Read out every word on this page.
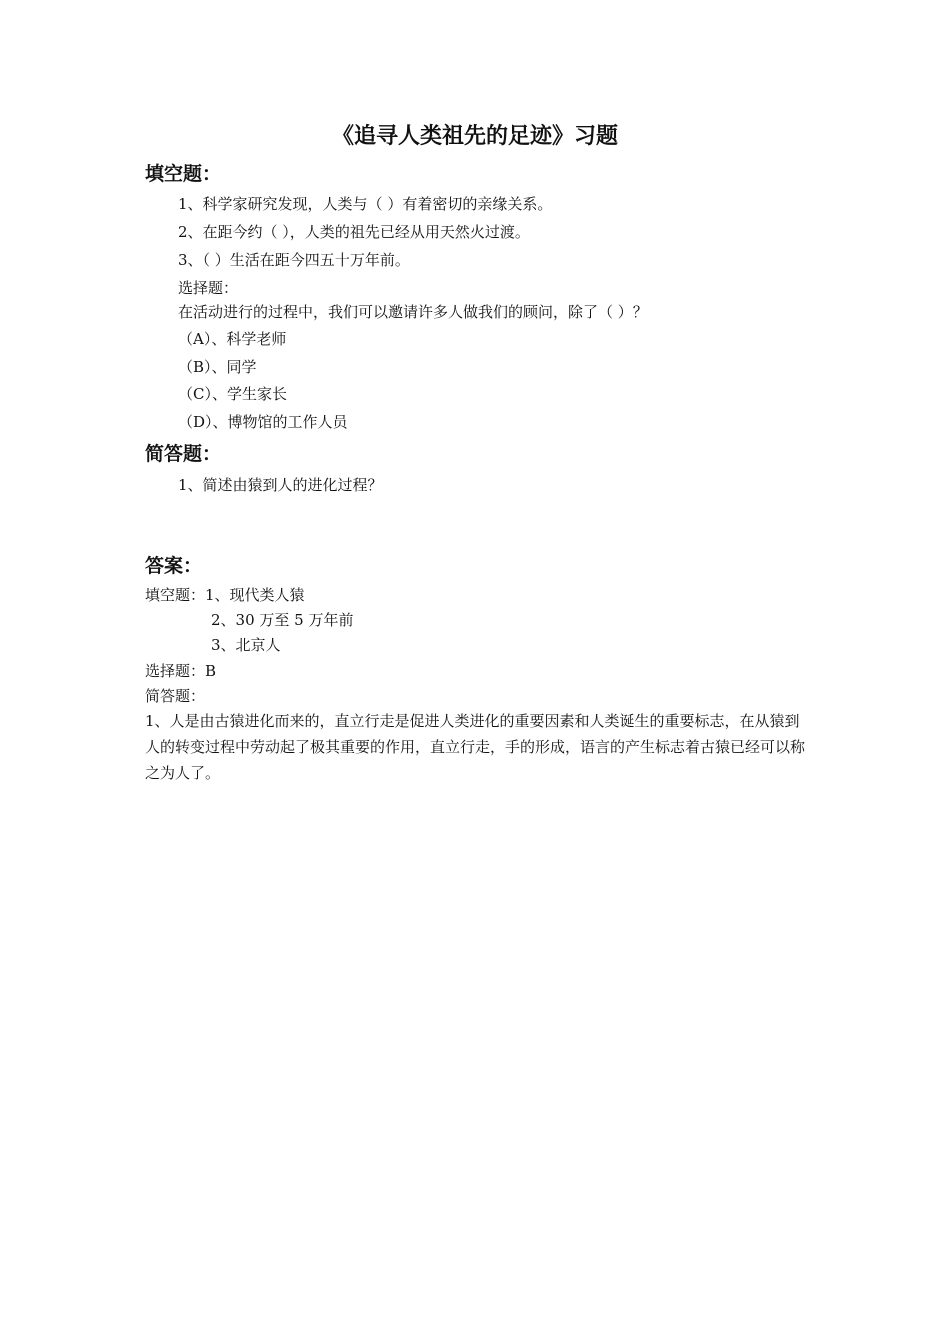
《追寻人类祖先的足迹》习题
填空题：
1、科学家研究发现，人类与（ ）有着密切的亲缘关系。
2、在距今约（ ），人类的祖先已经从用天然火过渡。
3、（ ）生活在距今四五十万年前。
选择题：
在活动进行的过程中，我们可以邀请许多人做我们的顾问，除了（ ）？
（A）、科学老师
（B）、同学
（C）、学生家长
（D）、博物馆的工作人员
简答题：
1、简述由猿到人的进化过程？
答案：
填空题：1、现代类人猿
2、30 万至 5 万年前
3、北京人
选择题：B
简答题：
1、人是由古猿进化而来的，直立行走是促进人类进化的重要因素和人类诞生的重要标志，在从猿到人的转变过程中劳动起了极其重要的作用，直立行走，手的形成，语言的产生标志着古猿已经可以称之为人了。
